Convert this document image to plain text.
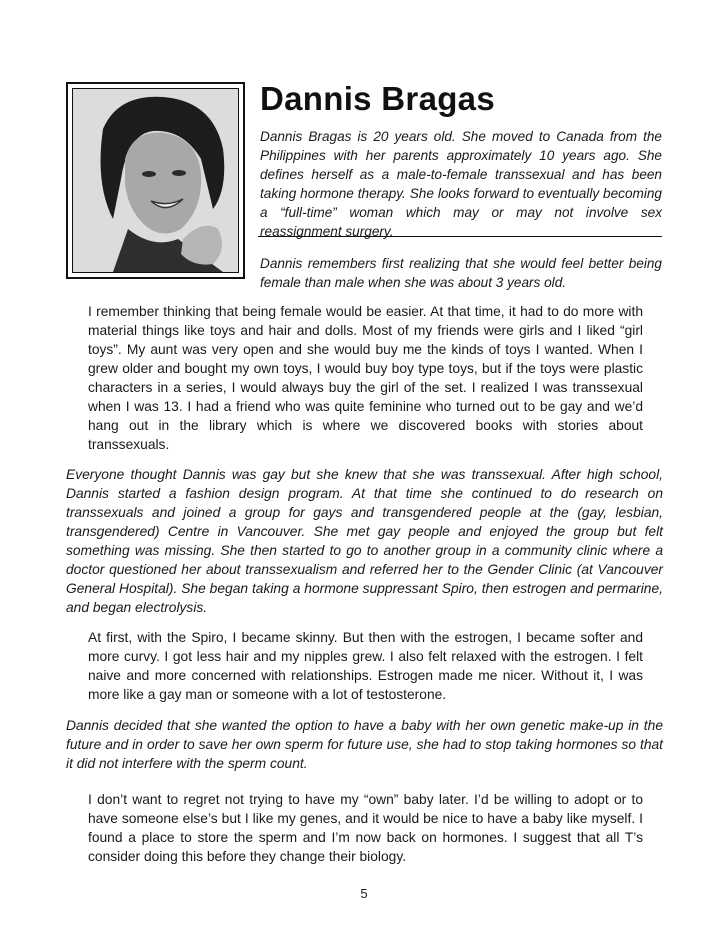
Dannis Bragas

Dannis Bragas is 20 years old. She moved to Canada from the Philippines with her parents approximately 10 years ago. She defines herself as a male-to-female transsexual and has been taking hormone therapy. She looks forward to eventually becoming a “full-time” woman which may or may not involve sex reassignment surgery.

Dannis remembers first realizing that she would feel better being female than male when she was about 3 years old.

I remember thinking that being female would be easier. At that time, it had to do more with material things like toys and hair and dolls. Most of my friends were girls and I liked “girl toys”. My aunt was very open and she would buy me the kinds of toys I wanted. When I grew older and bought my own toys, I would buy boy type toys, but if the toys were plastic characters in a series, I would always buy the girl of the set. I realized I was transsexual when I was 13. I had a friend who was quite feminine who turned out to be gay and we’d hang out in the library which is where we discovered books with stories about transsexuals.

Everyone thought Dannis was gay but she knew that she was transsexual. After high school, Dannis started a fashion design program. At that time she continued to do research on transsexuals and joined a group for gays and transgendered people at the (gay, lesbian, transgendered) Centre in Vancouver. She met gay people and enjoyed the group but felt something was missing. She then started to go to another group in a community clinic where a doctor questioned her about transsexualism and referred her to the Gender Clinic (at Vancouver General Hospital). She began taking a hormone suppressant Spiro, then estrogen and permarine, and began electrolysis.

At first, with the Spiro, I became skinny. But then with the estrogen, I became softer and more curvy. I got less hair and my nipples grew. I also felt relaxed with the estrogen. I felt naive and more concerned with relationships. Estrogen made me nicer. Without it, I was more like a gay man or someone with a lot of testosterone.

Dannis decided that she wanted the option to have a baby with her own genetic make-up in the future and in order to save her own sperm for future use, she had to stop taking hormones so that it did not interfere with the sperm count.

I don’t want to regret not trying to have my “own” baby later. I’d be willing to adopt or to have someone else’s but I like my genes, and it would be nice to have a baby like myself. I found a place to store the sperm and I’m now back on hormones. I suggest that all T’s consider doing this before they change their biology.

5
